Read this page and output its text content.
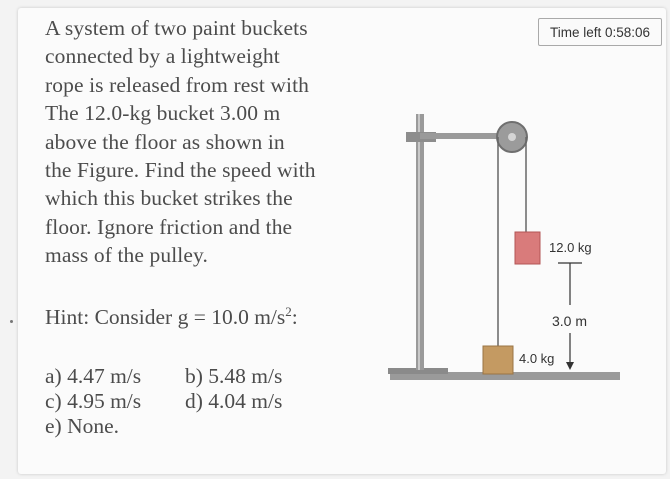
A system of two paint buckets
connected by a lightweight
rope is released from rest with
The 12.0-kg bucket 3.00 m
above the floor as shown in
the Figure. Find the speed with
which this bucket strikes the
floor. Ignore friction and the
mass of the pulley.
Hint: Consider g = 10.0 $m/s^2$:
a) 4.47 m/s	b) 5.48 m/s
c) 4.95 m/s	d) 4.04 m/s
e) None.
Time left 0:58:06
12.0 kg
3.0 m
4.0 kg
